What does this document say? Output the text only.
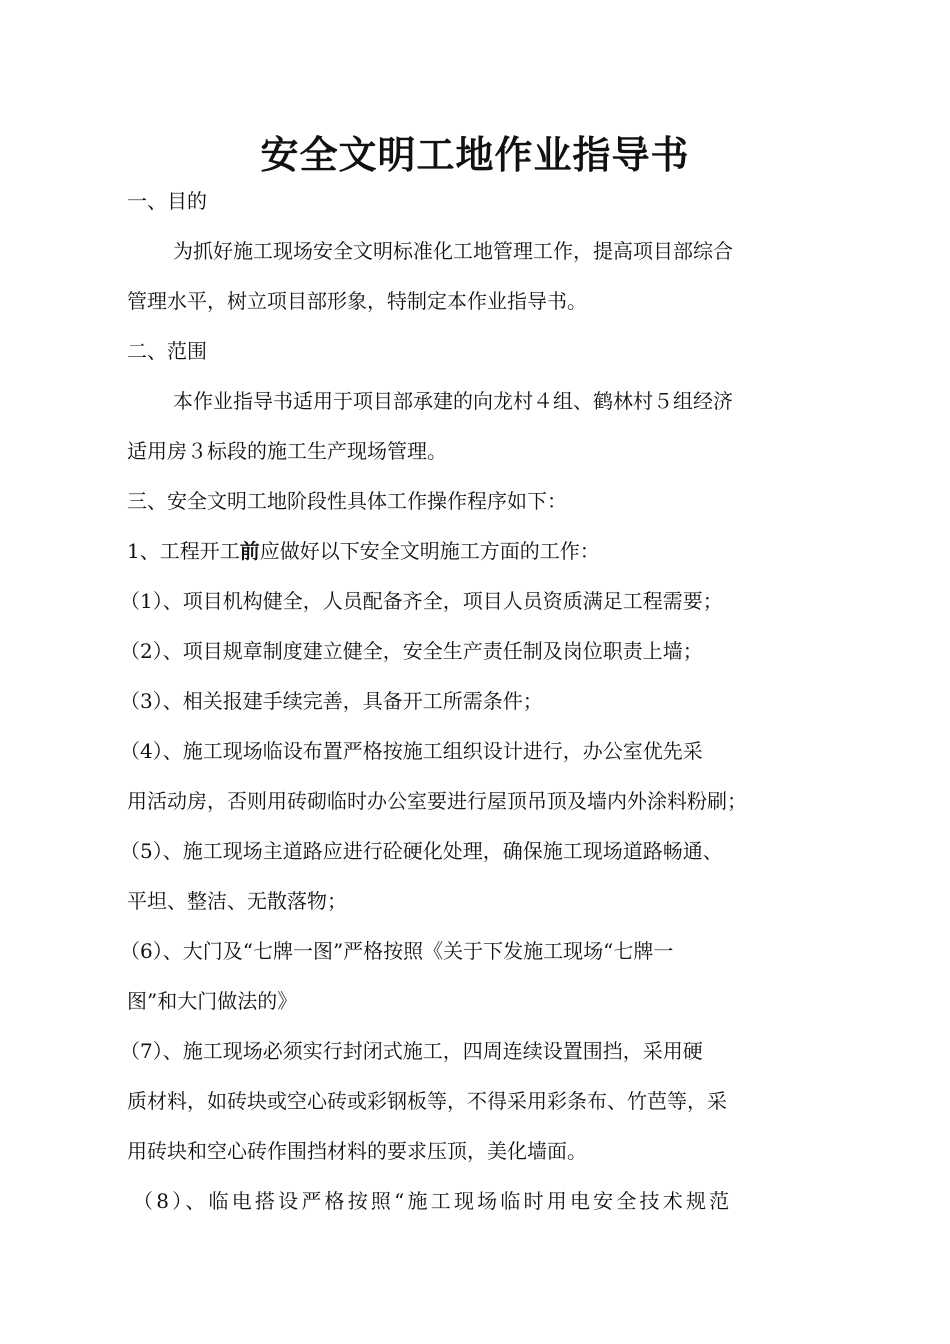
安全文明工地作业指导书

一、目的

为抓好施工现场安全文明标准化工地管理工作，提高项目部综合

管理水平，树立项目部形象，特制定本作业指导书。

二、范围

本作业指导书适用于项目部承建的向龙村４组、鹤林村５组经济

适用房３标段的施工生产现场管理。

三、安全文明工地阶段性具体工作操作程序如下：

1、工程开工前应做好以下安全文明施工方面的工作：

（1）、项目机构健全，人员配备齐全，项目人员资质满足工程需要；

（2）、项目规章制度建立健全，安全生产责任制及岗位职责上墙；

（3）、相关报建手续完善，具备开工所需条件；

（4）、施工现场临设布置严格按施工组织设计进行，办公室优先采

用活动房，否则用砖砌临时办公室要进行屋顶吊顶及墙内外涂料粉刷；

（5）、施工现场主道路应进行砼硬化处理，确保施工现场道路畅通、

平坦、整洁、无散落物；

（6）、大门及“七牌一图”严格按照《关于下发施工现场“七牌一

图”和大门做法的》

（7）、施工现场必须实行封闭式施工，四周连续设置围挡，采用硬

质材料，如砖块或空心砖或彩钢板等，不得采用彩条布、竹芭等，采

用砖块和空心砖作围挡材料的要求压顶，美化墙面。

（8）、临电搭设严格按照“施工现场临时用电安全技术规范
